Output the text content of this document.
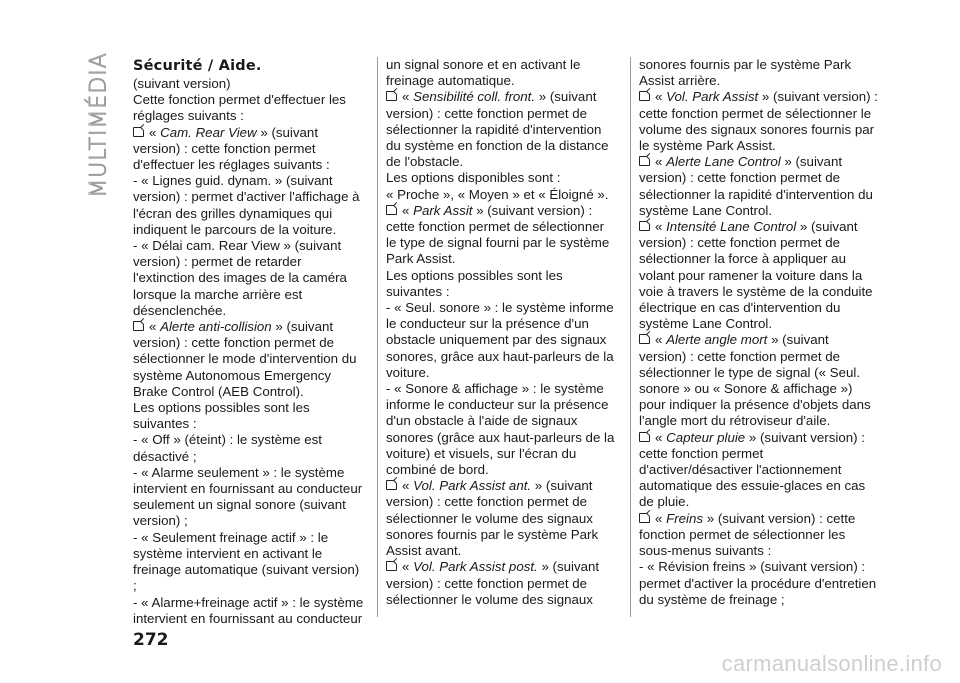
MULTIMÉDIA Sécurité / Aide.

(suivant version)

Cette fonction permet d'effectuer les réglages suivants :

« Cam. Rear View » (suivant version) : cette fonction permet d'effectuer les réglages suivants :

- « Lignes guid. dynam. » (suivant version) : permet d'activer l'affichage à l'écran des grilles dynamiques qui indiquent le parcours de la voiture.

- « Délai cam. Rear View » (suivant version) : permet de retarder l'extinction des images de la caméra lorsque la marche arrière est désenclenchée.

« Alerte anti-collision » (suivant version) : cette fonction permet de sélectionner le mode d'intervention du système Autonomous Emergency Brake Control (AEB Control).

Les options possibles sont les suivantes :

- « Off » (éteint) : le système est désactivé ;

- « Alarme seulement » : le système intervient en fournissant au conducteur seulement un signal sonore (suivant version) ;

- « Seulement freinage actif » : le système intervient en activant le freinage automatique (suivant version) ;

- « Alarme+freinage actif » : le système intervient en fournissant au conducteur

un signal sonore et en activant le freinage automatique.

« Sensibilité coll. front. » (suivant version) : cette fonction permet de sélectionner la rapidité d'intervention du système en fonction de la distance de l'obstacle.

Les options disponibles sont :

« Proche », « Moyen » et « Éloigné ».

« Park Assit » (suivant version) : cette fonction permet de sélectionner le type de signal fourni par le système Park Assist.

Les options possibles sont les suivantes :

- « Seul. sonore » : le système informe le conducteur sur la présence d'un obstacle uniquement par des signaux sonores, grâce aux haut-parleurs de la voiture.

- « Sonore & affichage » : le système informe le conducteur sur la présence d'un obstacle à l'aide de signaux sonores (grâce aux haut-parleurs de la voiture) et visuels, sur l'écran du combiné de bord.

« Vol. Park Assist ant. » (suivant version) : cette fonction permet de sélectionner le volume des signaux sonores fournis par le système Park Assist avant.

« Vol. Park Assist post. » (suivant version) : cette fonction permet de sélectionner le volume des signaux

sonores fournis par le système Park Assist arrière.

« Vol. Park Assist » (suivant version) : cette fonction permet de sélectionner le volume des signaux sonores fournis par le système Park Assist.

« Alerte Lane Control » (suivant version) : cette fonction permet de sélectionner la rapidité d'intervention du système Lane Control.

« Intensité Lane Control » (suivant version) : cette fonction permet de sélectionner la force à appliquer au volant pour ramener la voiture dans la voie à travers le système de la conduite électrique en cas d'intervention du système Lane Control.

« Alerte angle mort » (suivant version) : cette fonction permet de sélectionner le type de signal (« Seul. sonore » ou « Sonore & affichage ») pour indiquer la présence d'objets dans l'angle mort du rétroviseur d'aile.

« Capteur pluie » (suivant version) : cette fonction permet d'activer/désactiver l'actionnement automatique des essuie-glaces en cas de pluie.

« Freins » (suivant version) : cette fonction permet de sélectionner les sous-menus suivants :

- « Révision freins » (suivant version) : permet d'activer la procédure d'entretien du système de freinage ;

272
carmanualsonline.info
